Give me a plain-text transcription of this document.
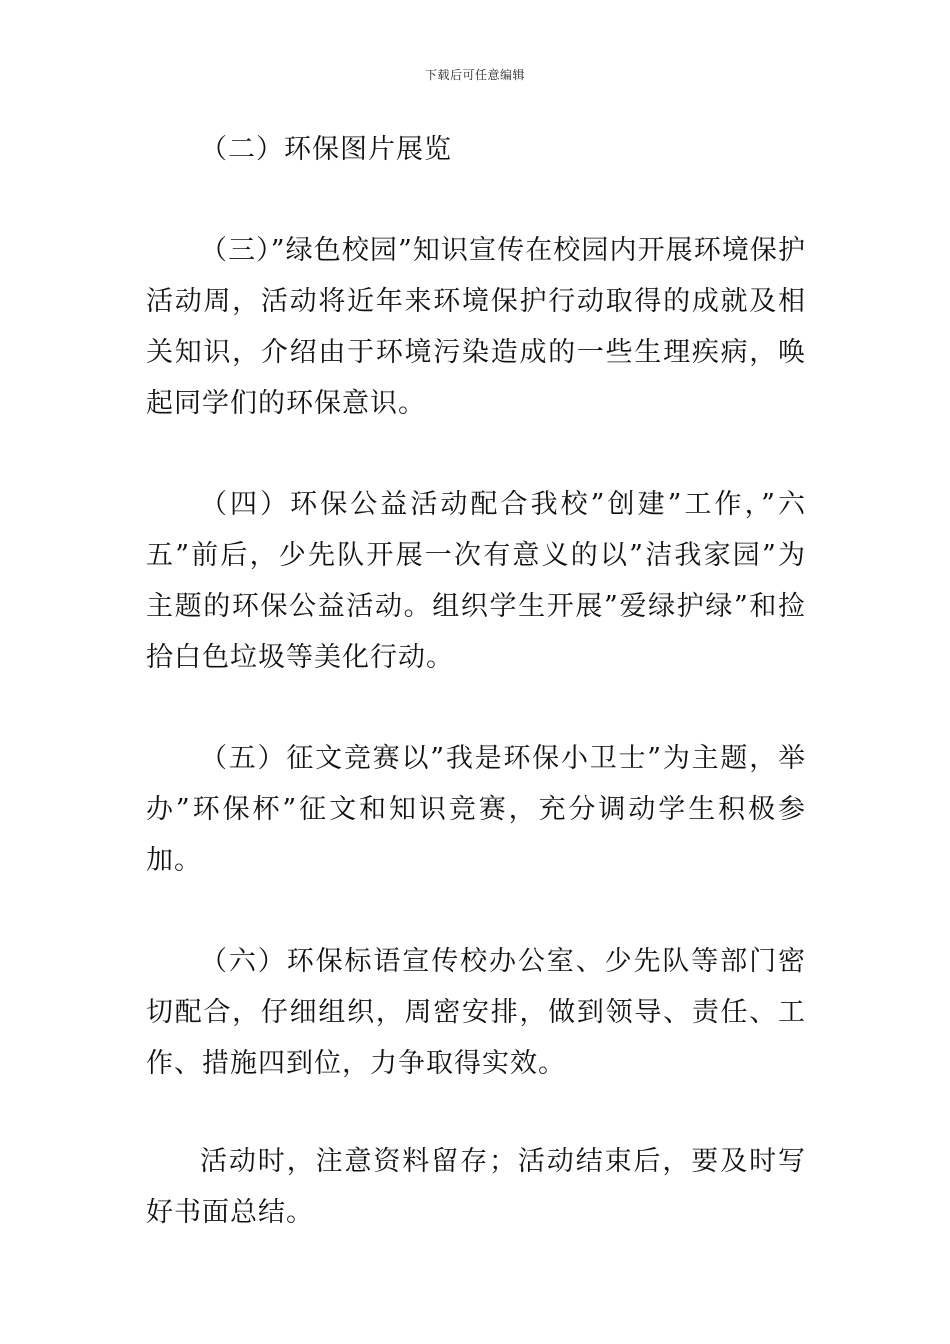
下载后可任意编辑

（二）环保图片展览

（三）”绿色校园”知识宣传在校园内开展环境保护活动周，活动将近年来环境保护行动取得的成就及相关知识，介绍由于环境污染造成的一些生理疾病，唤起同学们的环保意识。

（四）环保公益活动配合我校”创建”工作，”六五”前后，少先队开展一次有意义的以”洁我家园”为主题的环保公益活动。组织学生开展”爱绿护绿”和捡拾白色垃圾等美化行动。

（五）征文竞赛以”我是环保小卫士”为主题，举办”环保杯”征文和知识竞赛，充分调动学生积极参加。

（六）环保标语宣传校办公室、少先队等部门密切配合，仔细组织，周密安排，做到领导、责任、工作、措施四到位，力争取得实效。

活动时，注意资料留存；活动结束后，要及时写好书面总结。
